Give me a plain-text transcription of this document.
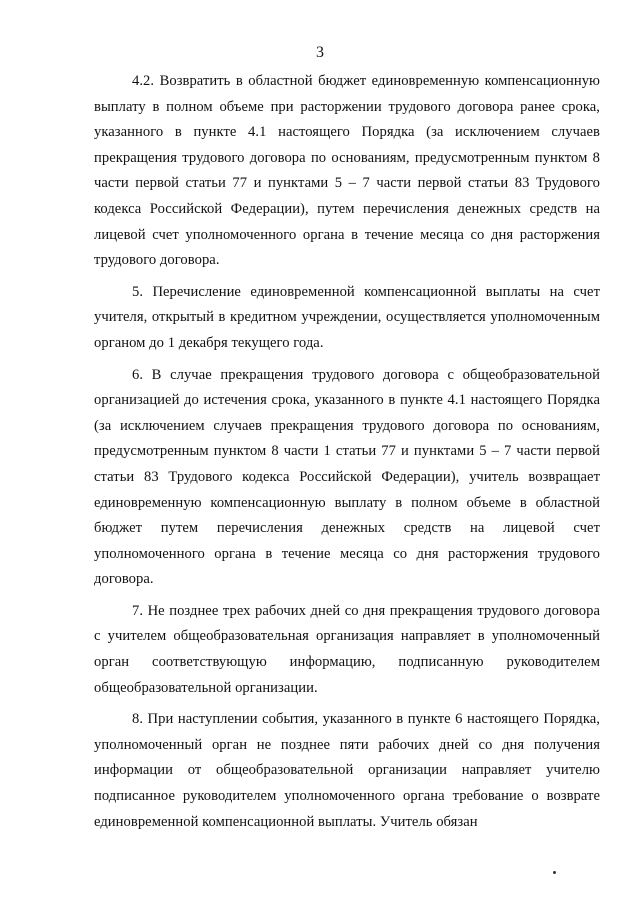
3

4.2. Возвратить в областной бюджет единовременную компенсационную выплату в полном объеме при расторжении трудового договора ранее срока, указанного в пункте 4.1 настоящего Порядка (за исключением случаев прекращения трудового договора по основаниям, предусмотренным пунктом 8 части первой статьи 77 и пунктами 5 – 7 части первой статьи 83 Трудового кодекса Российской Федерации), путем перечисления денежных средств на лицевой счет уполномоченного органа в течение месяца со дня расторжения трудового договора.

5. Перечисление единовременной компенсационной выплаты на счет учителя, открытый в кредитном учреждении, осуществляется уполномоченным органом до 1 декабря текущего года.

6. В случае прекращения трудового договора с общеобразовательной организацией до истечения срока, указанного в пункте 4.1 настоящего Порядка (за исключением случаев прекращения трудового договора по основаниям, предусмотренным пунктом 8 части 1 статьи 77 и пунктами 5 – 7 части первой статьи 83 Трудового кодекса Российской Федерации), учитель возвращает единовременную компенсационную выплату в полном объеме в областной бюджет путем перечисления денежных средств на лицевой счет уполномоченного органа в течение месяца со дня расторжения трудового договора.

7. Не позднее трех рабочих дней со дня прекращения трудового договора с учителем общеобразовательная организация направляет в уполномоченный орган соответствующую информацию, подписанную руководителем общеобразовательной организации.

8. При наступлении события, указанного в пункте 6 настоящего Порядка, уполномоченный орган не позднее пяти рабочих дней со дня получения информации от общеобразовательной организации направляет учителю подписанное руководителем уполномоченного органа требование о возврате единовременной компенсационной выплаты. Учитель обязан
